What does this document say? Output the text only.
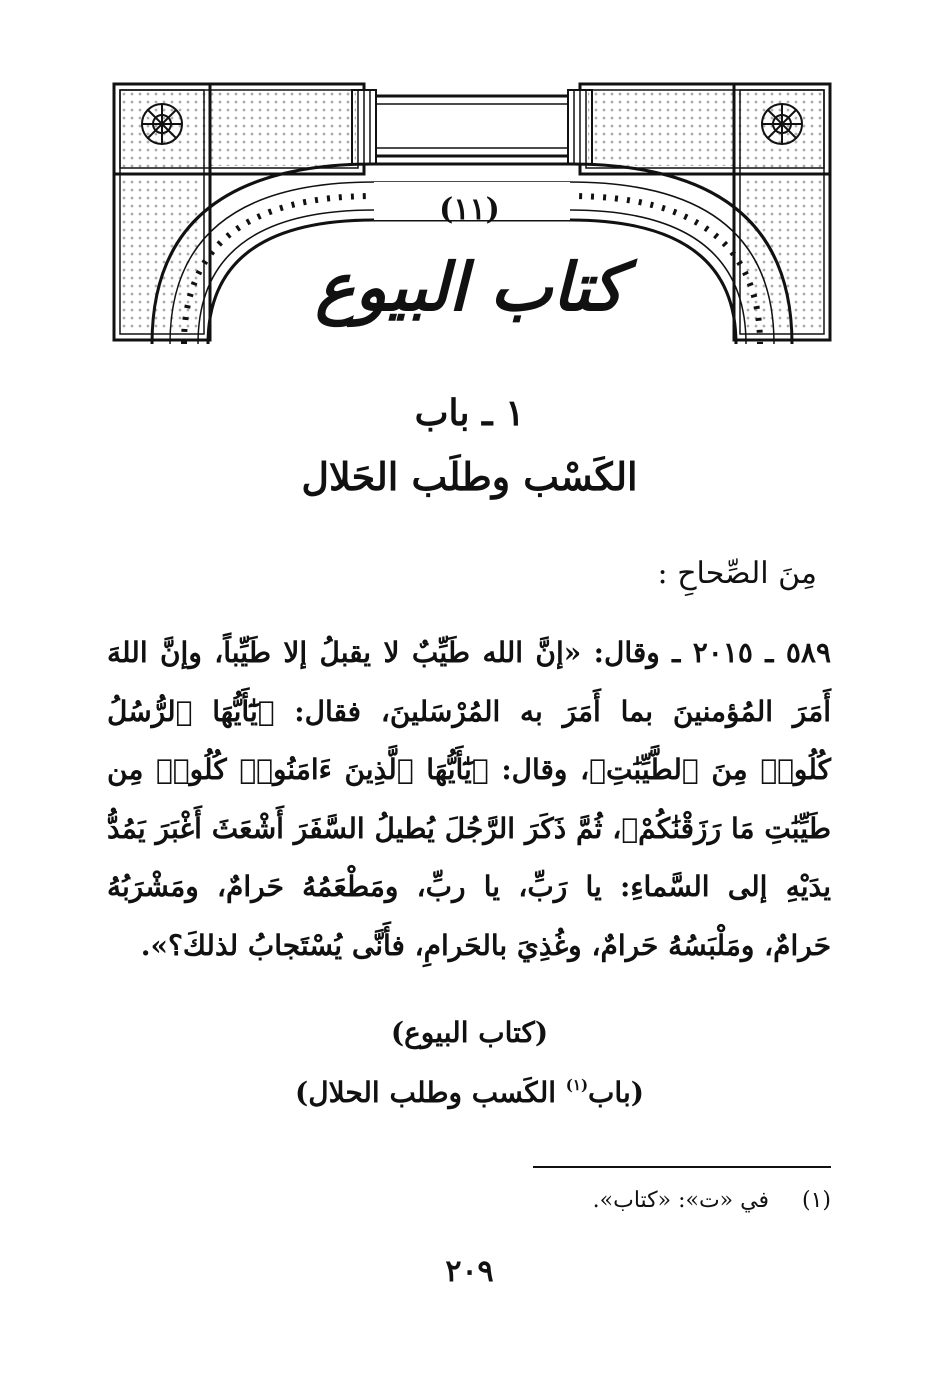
(١١)
كتاب البيوع
١ ـ باب
الكَسْب وطلَب الحَلال
مِنَ الصِّحاحِ :
٥٨٩ ـ ٢٠١٥ ـ وقال: «إنَّ الله طَيِّبٌ لا يقبلُ إلا طَيِّباً، وإنَّ اللهَ أَمَرَ المُؤمنينَ بما أَمَرَ به المُرْسَلينَ، فقال: ﴿يَٰٓأَيُّهَا ٱلرُّسُلُ كُلُوا۟ مِنَ ٱلطَّيِّبَٰتِ﴾، وقال: ﴿يَٰٓأَيُّهَا ٱلَّذِينَ ءَامَنُوا۟ كُلُوا۟ مِن طَيِّبَٰتِ مَا رَزَقْنَٰكُمْ﴾، ثُمَّ ذَكَرَ الرَّجُلَ يُطيلُ السَّفَرَ أَشْعَثَ أَغْبَرَ يَمُدُّ يدَيْهِ إلى السَّماءِ: يا رَبِّ، يا ربِّ، ومَطْعَمُهُ حَرامٌ، ومَشْرَبُهُ حَرامٌ، ومَلْبَسُهُ حَرامٌ، وغُذِيَ بالحَرامِ، فأَنَّى يُسْتَجابُ لذلكَ؟».
(كتاب البيوع)
(باب$^{(١)}$ الكَسب وطلب الحلال)
(١) في «ت»: «كتاب».
٢٠٩
